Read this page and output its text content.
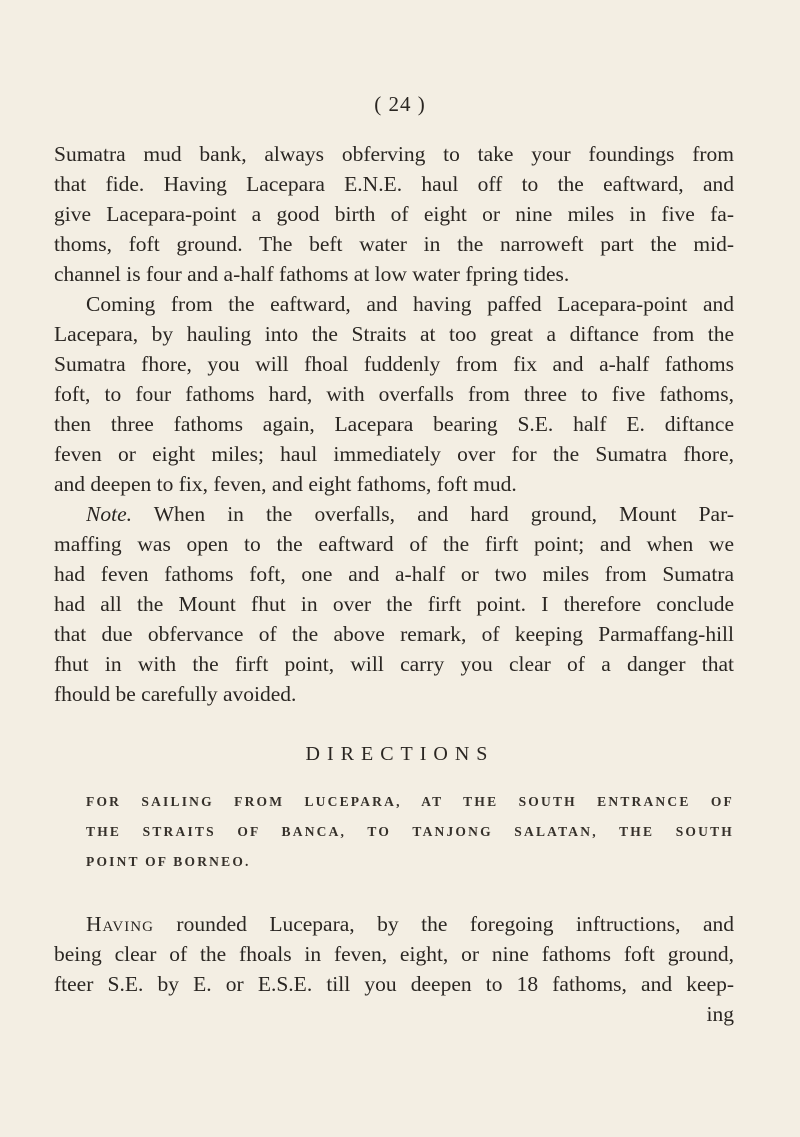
( 24 )
Sumatra mud bank, always obferving to take your foundings from
that fide. Having Lacepara E.N.E. haul off to the eaftward, and
give Lacepara-point a good birth of eight or nine miles in five fa-
thoms, foft ground. The beft water in the narroweft part the mid-
channel is four and a-half fathoms at low water fpring tides.
Coming from the eaftward, and having paffed Lacepara-point and
Lacepara, by hauling into the Straits at too great a diftance from the
Sumatra fhore, you will fhoal fuddenly from fix and a-half fathoms
foft, to four fathoms hard, with overfalls from three to five fathoms,
then three fathoms again, Lacepara bearing S.E. half E. diftance
feven or eight miles; haul immediately over for the Sumatra fhore,
and deepen to fix, feven, and eight fathoms, foft mud.
Note. When in the overfalls, and hard ground, Mount Par-
maffing was open to the eaftward of the firft point; and when we
had feven fathoms foft, one and a-half or two miles from Sumatra
had all the Mount fhut in over the firft point. I therefore conclude
that due obfervance of the above remark, of keeping Parmaffang-hill
fhut in with the firft point, will carry you clear of a danger that
fhould be carefully avoided.
DIRECTIONS
FOR SAILING FROM LUCEPARA, AT THE SOUTH ENTRANCE OF
THE STRAITS OF BANCA, TO TANJONG SALATAN, THE SOUTH
POINT OF BORNEO.
Having rounded Lucepara, by the foregoing inftructions, and
being clear of the fhoals in feven, eight, or nine fathoms foft ground,
fteer S.E. by E. or E.S.E. till you deepen to 18 fathoms, and keep-
ing
